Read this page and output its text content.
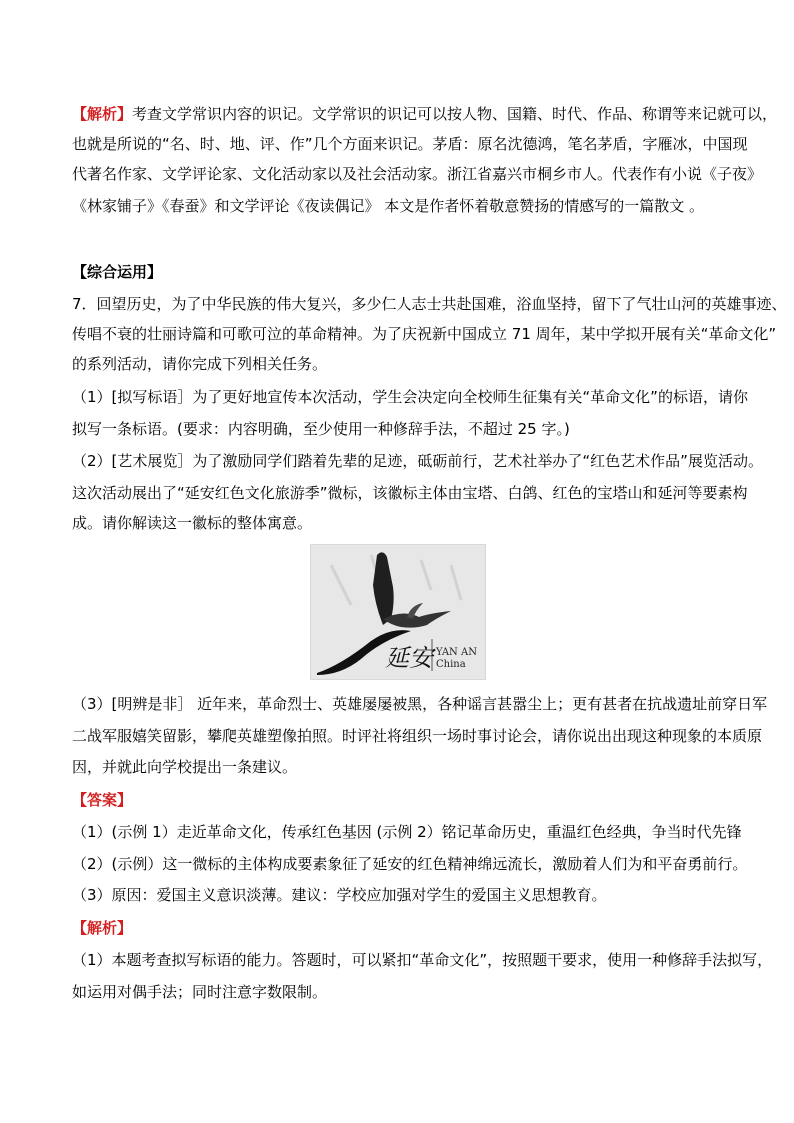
【解析】考查文学常识内容的识记。文学常识的识记可以按人物、国籍、时代、作品、称谓等来记就可以，
也就是所说的“名、时、地、评、作”几个方面来识记。茅盾：原名沈德鸿，笔名茅盾，字雁冰，中国现
代著名作家、文学评论家、文化活动家以及社会活动家。浙江省嘉兴市桐乡市人。代表作有小说《子夜》
《林家铺子》《春蚕》和文学评论《夜读偶记》 本文是作者怀着敬意赞扬的情感写的一篇散文 。
【综合运用】
7．回望历史，为了中华民族的伟大复兴，多少仁人志士共赴国难，浴血坚持，留下了气壮山河的英雄事迹、
传唱不衰的壮丽诗篇和可歌可泣的革命精神。为了庆祝新中国成立 71 周年，某中学拟开展有关“革命文化”
的系列活动，请你完成下列相关任务。
（1）[拟写标语］为了更好地宣传本次活动，学生会决定向全校师生征集有关“革命文化”的标语，请你
拟写一条标语。(要求：内容明确，至少使用一种修辞手法，不超过 25 字。)
（2）[艺术展览］为了激励同学们踏着先辈的足迹，砥砺前行，艺术社举办了“红色艺术作品”展览活动。
这次活动展出了“延安红色文化旅游季”微标，该徽标主体由宝塔、白鸽、红色的宝塔山和延河等要素构
成。请你解读这一徽标的整体寓意。
延安 YAN AN
China
（3）[明辨是非］ 近年来，革命烈士、英雄屡屡被黑，各种谣言甚嚣尘上；更有甚者在抗战遗址前穿日军
二战军服嬉笑留影，攀爬英雄塑像拍照。时评社将组织一场时事讨论会，请你说出出现这种现象的本质原
因，并就此向学校提出一条建议。
【答案】
（1）(示例 1）走近革命文化，传承红色基因 (示例 2）铭记革命历史，重温红色经典，争当时代先锋
（2）(示例）这一微标的主体构成要素象征了延安的红色精神绵远流长，激励着人们为和平奋勇前行。
（3）原因：爱国主义意识淡薄。建议：学校应加强对学生的爱国主义思想教育。
【解析】
（1）本题考查拟写标语的能力。答题时，可以紧扣“革命文化”，按照题干要求，使用一种修辞手法拟写，
如运用对偶手法；同时注意字数限制。
